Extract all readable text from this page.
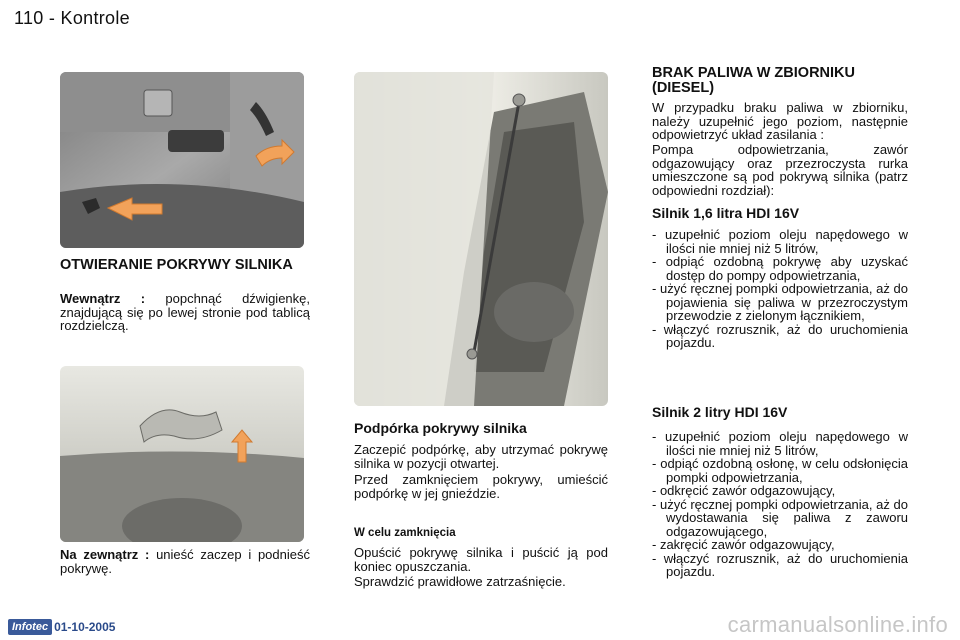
110 - Kontrole
OTWIERANIE POKRYWY SILNIKA
Wewnątrz : popchnąć dźwigienkę, znajdującą się po lewej stronie pod tablicą rozdzielczą.
Na zewnątrz : unieść zaczep i podnieść pokrywę.
Podpórka pokrywy silnika
Zaczepić podpórkę, aby utrzymać pokrywę silnika w pozycji otwartej.
Przed zamknięciem pokrywy, umieścić podpórkę w jej gnieździe.
W celu zamknięcia
Opuścić pokrywę silnika i puścić ją pod koniec opuszczania.
Sprawdzić prawidłowe zatrzaśnięcie.
BRAK PALIWA W ZBIORNIKU (DIESEL)
W przypadku braku paliwa w zbiorniku, należy uzupełnić jego poziom, następnie odpowietrzyć układ zasilania :
Pompa odpowietrzania, zawór odgazowujący oraz przezroczysta rurka umieszczone są pod pokrywą silnika (patrz odpowiedni rozdział):
Silnik 1,6 litra HDI 16V
- uzupełnić poziom oleju napędowego w ilości nie mniej niż 5 litrów,
- odpiąć ozdobną pokrywę aby uzyskać dostęp do pompy odpowietrzania,
- użyć ręcznej pompki odpowietrzania, aż do pojawienia się paliwa w przezroczystym przewodzie z zielonym łącznikiem,
- włączyć rozrusznik, aż do uruchomienia pojazdu.
Silnik 2 litry HDI 16V
- uzupełnić poziom oleju napędowego w ilości nie mniej niż 5 litrów,
- odpiąć ozdobną osłonę, w celu odsłonięcia pompki odpowietrzania,
- odkręcić zawór odgazowujący,
- użyć ręcznej pompki odpowietrzania, aż do wydostawania się paliwa z zaworu odgazowującego,
- zakręcić zawór odgazowujący,
- włączyć rozrusznik, aż do uruchomienia pojazdu.
Infotec 01-10-2005	carmanualsonline.info
